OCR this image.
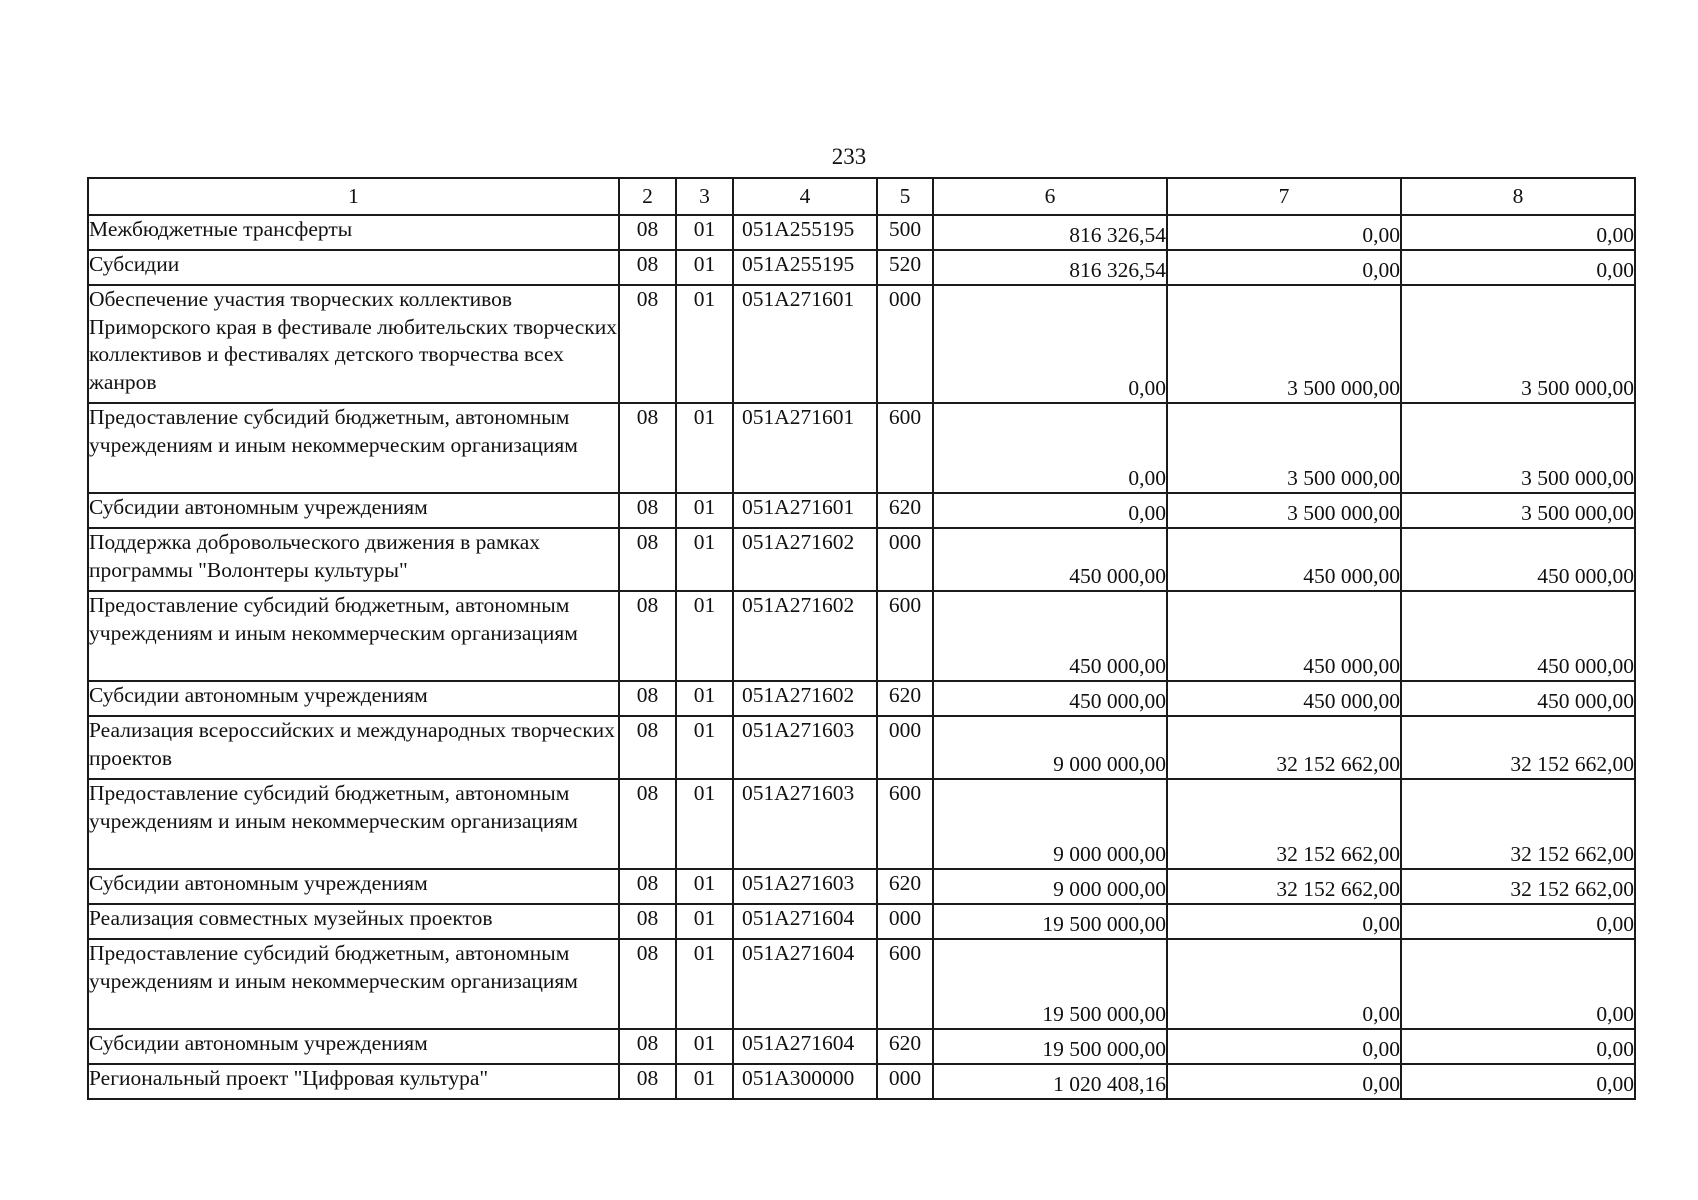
233
1	2	3	4	5	6	7	8
Межбюджетные трансферты	08	01	051A255195	500	816 326,54	0,00	0,00
Субсидии	08	01	051A255195	520	816 326,54	0,00	0,00
Обеспечение участия творческих коллективов Приморского края в фестивале любительских творческих коллективов и фестивалях детского творчества всех жанров	08	01	051A271601	000	0,00	3 500 000,00	3 500 000,00
Предоставление субсидий бюджетным, автономным учреждениям и иным некоммерческим организациям	08	01	051A271601	600	0,00	3 500 000,00	3 500 000,00
Субсидии автономным учреждениям	08	01	051A271601	620	0,00	3 500 000,00	3 500 000,00
Поддержка добровольческого движения в рамках программы "Волонтеры культуры"	08	01	051A271602	000	450 000,00	450 000,00	450 000,00
Предоставление субсидий бюджетным, автономным учреждениям и иным некоммерческим организациям	08	01	051A271602	600	450 000,00	450 000,00	450 000,00
Субсидии автономным учреждениям	08	01	051A271602	620	450 000,00	450 000,00	450 000,00
Реализация всероссийских и международных творческих проектов	08	01	051A271603	000	9 000 000,00	32 152 662,00	32 152 662,00
Предоставление субсидий бюджетным, автономным учреждениям и иным некоммерческим организациям	08	01	051A271603	600	9 000 000,00	32 152 662,00	32 152 662,00
Субсидии автономным учреждениям	08	01	051A271603	620	9 000 000,00	32 152 662,00	32 152 662,00
Реализация совместных музейных проектов	08	01	051A271604	000	19 500 000,00	0,00	0,00
Предоставление субсидий бюджетным, автономным учреждениям и иным некоммерческим организациям	08	01	051A271604	600	19 500 000,00	0,00	0,00
Субсидии автономным учреждениям	08	01	051A271604	620	19 500 000,00	0,00	0,00
Региональный проект "Цифровая культура"	08	01	051A300000	000	1 020 408,16	0,00	0,00
